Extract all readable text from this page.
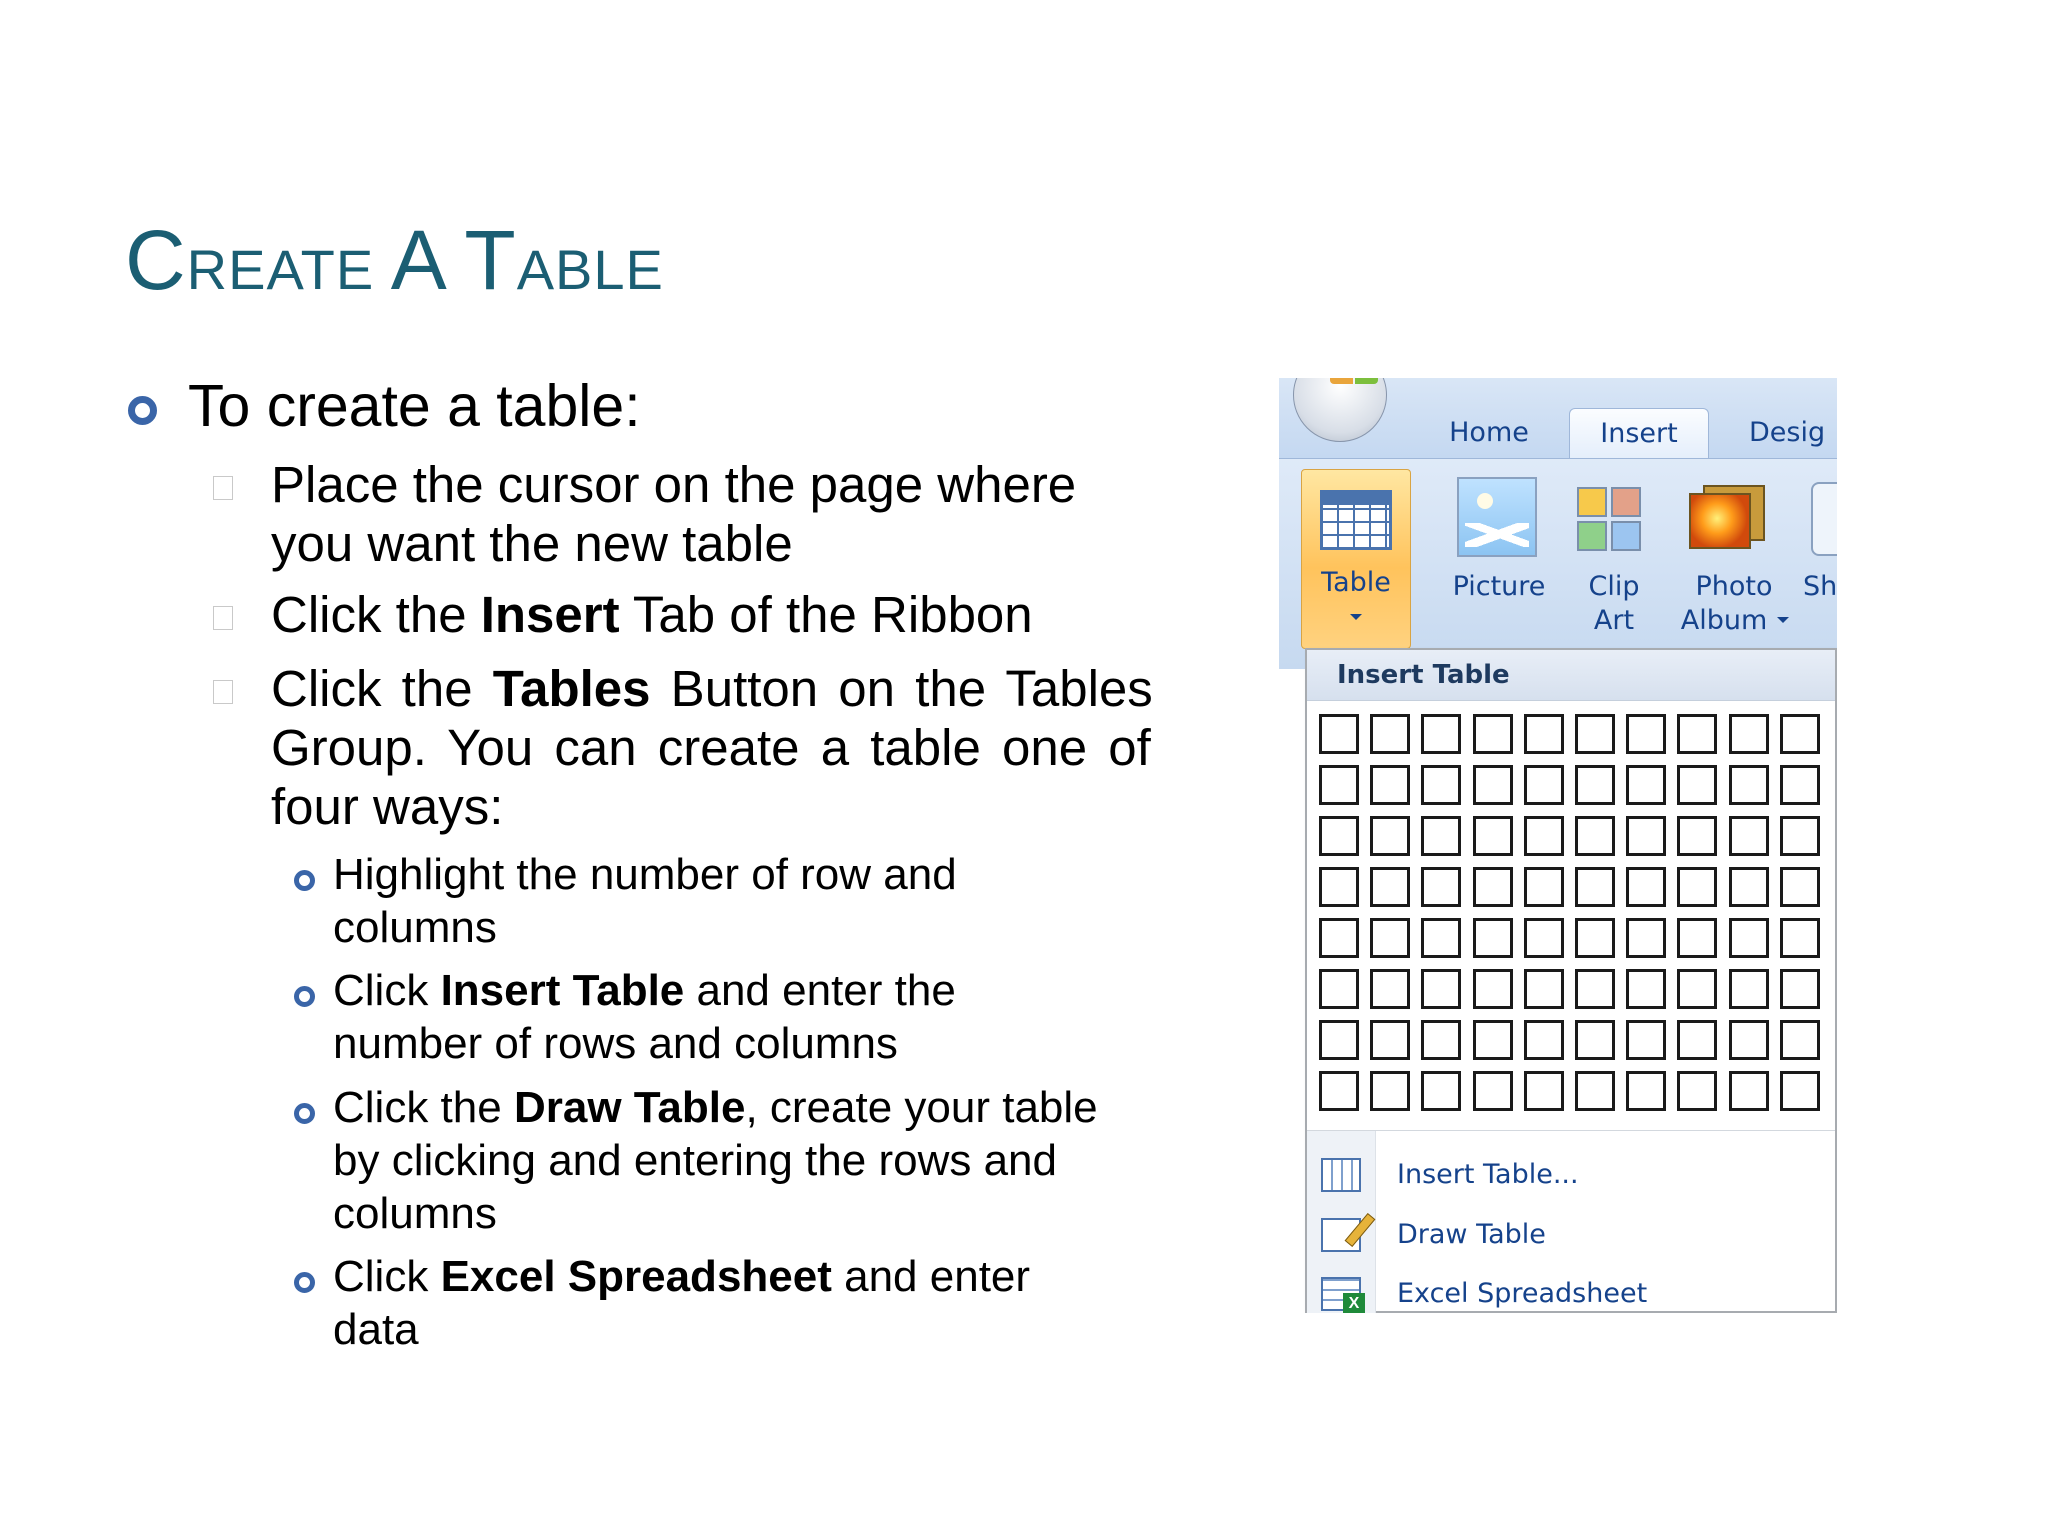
CREATE A TABLE
To create a table:
Place the cursor on the page where
you want the new table
Click the Insert Tab of the Ribbon
Click the Tables Button on the Tables
Group. You can create a table one of
four ways:
Highlight the number of row and
columns
Click Insert Table and enter the
number of rows and columns
Click the Draw Table, create your table
by clicking and entering the rows and
columns
Click Excel Spreadsheet and enter
data
Home	Insert	Desig
Table	Picture	Clip
Art
Photo
Album
Sh
Insert Table
Insert Table...
Draw Table
X
Excel Spreadsheet
